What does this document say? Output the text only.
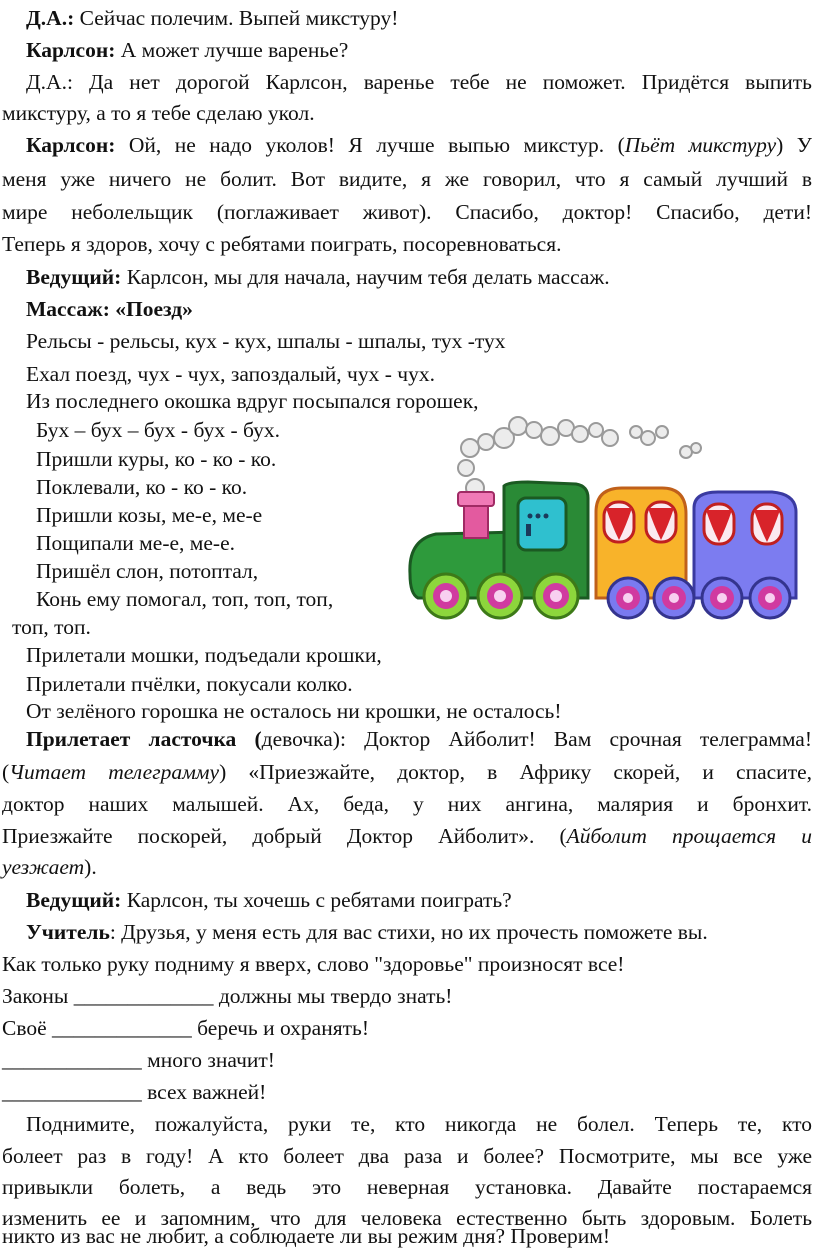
Д.А.: Сейчас полечим. Выпей микстуру!
Карлсон: А может лучше варенье?
Д.А.: Да нет дорогой Карлсон, варенье тебе не поможет. Придётся выпить
микстуру, а то я тебе сделаю укол.
Карлсон: Ой, не надо уколов! Я лучше выпью микстур. (Пьёт микстуру) У
меня уже ничего не болит. Вот видите, я же говорил, что я самый лучший в
мире неболельщик (поглаживает живот). Спасибо, доктор! Спасибо, дети!
Теперь я здоров, хочу с ребятами поиграть, посоревноваться.
Ведущий: Карлсон, мы для начала, научим тебя делать массаж.
Массаж: «Поезд»
Рельсы - рельсы, кух - кух, шпалы - шпалы, тух -тух
Ехал поезд, чух - чух, запоздалый, чух - чух.
Из последнего окошка вдруг посыпался горошек,
Бух – бух – бух - бух - бух.
Пришли куры, ко - ко - ко.
Поклевали, ко - ко - ко.
Пришли козы, ме-е, ме-е
Пощипали ме-е, ме-е.
Пришёл слон, потоптал,
Конь ему помогал, топ, топ, топ,
топ, топ.
Прилетали мошки, подъедали крошки,
Прилетали пчёлки, покусали колко.
От зелёного горошка не осталось ни крошки, не осталось!
Прилетает ласточка (девочка): Доктор Айболит! Вам срочная телеграмма!
(Читает телеграмму) «Приезжайте, доктор, в Африку скорей, и спасите,
доктор наших малышей. Ах, беда, у них ангина, малярия и бронхит.
Приезжайте поскорей, добрый Доктор Айболит». (Айболит прощается и
уезжает).
Ведущий: Карлсон, ты хочешь с ребятами поиграть?
Учитель: Друзья, у меня есть для вас стихи, но их прочесть поможете вы.
Как только руку подниму я вверх, слово "здоровье" произносят все!
Законы _____________ должны мы твердо знать!
Своё _____________ беречь и охранять!
_____________ много значит!
_____________ всех важней!
Поднимите, пожалуйста, руки те, кто никогда не болел. Теперь те, кто
болеет раз в году! А кто болеет два раза и более? Посмотрите, мы все уже
привыкли болеть, а ведь это неверная установка. Давайте постараемся
изменить ее и запомним, что для человека естественно быть здоровым. Болеть
никто из вас не любит, а соблюдаете ли вы режим дня? Проверим!
